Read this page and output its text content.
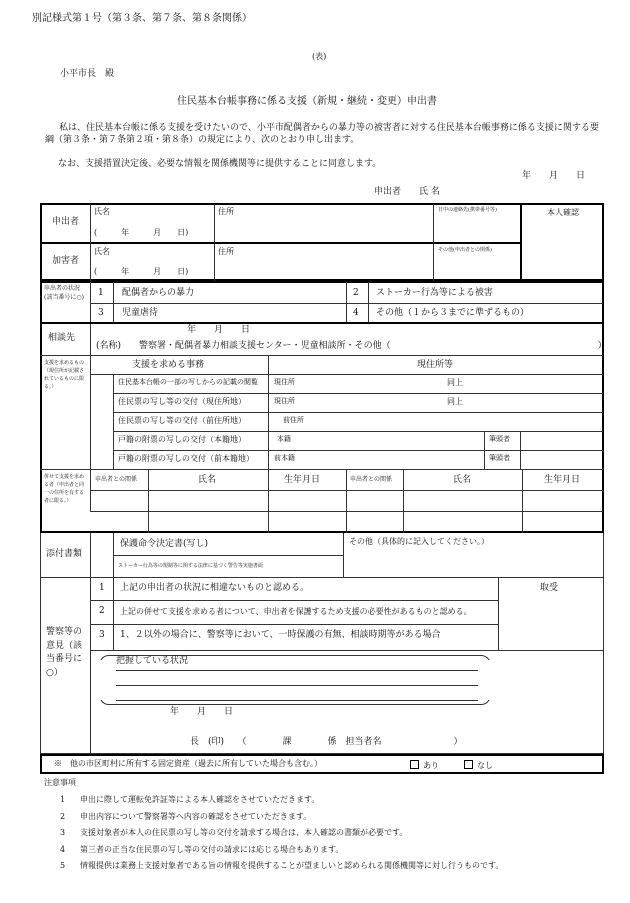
別記様式第１号（第３条、第７条、第８条関係）
(表)
小平市長　殿
住民基本台帳事務に係る支援（新規・継続・変更）申出書
私は、住民基本台帳に係る支援を受けたいので、小平市配偶者からの暴力等の被害者に対する住民基本台帳事務に係る支援に関する要綱（第３条・第７条第２項・第８条）の規定により、次のとおり申し出ます。
なお、支援措置決定後、必要な情報を関係機関等に提供することに同意します。
年　　月　　日
申出者　　氏 名
申出者
氏名
(　　　年　　　月　　日)
住所	日中の連絡先(携帯番号等)	本人確認
加害者
氏名
(　　　年　　　月　　日)
住所	その他(申出者との関係)
申出者の状況(該当番号に○)	1 配偶者からの暴力	2 ストーカー行為等による被害
3 児童虐待	4 その他（１から３までに準ずるもの）
相談先
年　　月　　日
(名称)　　警察署・配偶者暴力相談支援センター・児童相談所・その他（　　　　　　　　　　　　　　　　　　　　　　　）
支援を求めるもの（現住所が記載されているものに限る。）
支援を求める事務	現住所等
住民基本台帳の一部の写しからの記載の閲覧 現住所	同上
住民票の写し等の交付（現住所地）	現住所	同上
住民票の写し等の交付（前住所地）	前住所
戸籍の附票の写しの交付（本籍地）	本籍	筆頭者
戸籍の附票の写しの交付（前本籍地）	前本籍	筆頭者
併せて支援を求める者（申出者と同一の住所を有する者に限る。）
申出者との関係	氏名	生年月日	申出者との関係	氏名	生年月日
添付書類
保護命令決定書(写し)
ストーカー行為等の規制等に関する法律に基づく警告等実施書面
その他（具体的に記入してください。）
警察等の意見（該当番号に○）
1 上記の申出者の状況に相違ないものと認める。
2 上記の併せて支援を求める者について、申出者を保護するため支援の必要性があるものと認める。
3 1、２以外の場合に、警察等において、一時保護の有無、相談時期等がある場合
取受
把握している状況
年　　月　　日
長　(印)　　（　　　　課　　　　係　担当者名　　　　　　　　）
※　他の市区町村に所有する固定資産（過去に所有していた場合も含む。）	あり	なし
注意事項
1 申出に際して運転免許証等による本人確認をさせていただきます。
2 申出内容について警察署等へ内容の確認をさせていただきます。
3 支援対象者が本人の住民票の写し等の交付を請求する場合は、本人確認の書類が必要です。
4 第三者の正当な住民票の写し等の交付の請求には応じる場合もあります。
5 情報提供は業務上支援対象者である旨の情報を提供することが望ましいと認められる関係機関等に対し行うものです。
